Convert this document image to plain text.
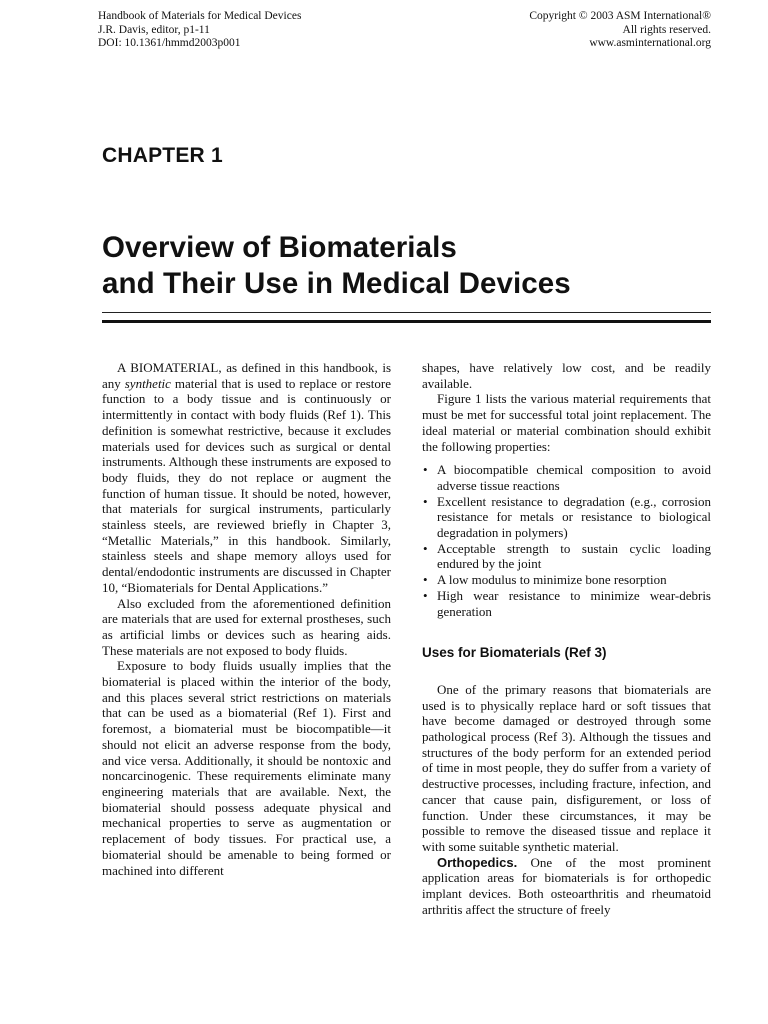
Handbook of Materials for Medical Devices
J.R. Davis, editor, p1-11
DOI: 10.1361/hmmd2003p001
Copyright © 2003 ASM International®
All rights reserved.
www.asminternational.org
CHAPTER 1
Overview of Biomaterials
and Their Use in Medical Devices

A BIOMATERIAL, as defined in this handbook, is any synthetic material that is used to replace or restore function to a body tissue and is continuously or intermittently in contact with body fluids (Ref 1). This definition is somewhat restrictive, because it excludes materials used for devices such as surgical or dental instruments. Although these instruments are exposed to body fluids, they do not replace or augment the function of human tissue. It should be noted, however, that materials for surgical instruments, particularly stainless steels, are reviewed briefly in Chapter 3, “Metallic Materials,” in this handbook. Similarly, stainless steels and shape memory alloys used for dental/endodontic instruments are discussed in Chapter 10, “Biomaterials for Dental Applications.”

Also excluded from the aforementioned definition are materials that are used for external prostheses, such as artificial limbs or devices such as hearing aids. These materials are not exposed to body fluids.

Exposure to body fluids usually implies that the biomaterial is placed within the interior of the body, and this places several strict restrictions on materials that can be used as a biomaterial (Ref 1). First and foremost, a biomaterial must be biocompatible—it should not elicit an adverse response from the body, and vice versa. Additionally, it should be nontoxic and noncarcinogenic. These requirements eliminate many engineering materials that are available. Next, the biomaterial should possess adequate physical and mechanical properties to serve as augmentation or replacement of body tissues. For practical use, a biomaterial should be amenable to being formed or machined into different

shapes, have relatively low cost, and be readily available.

Figure 1 lists the various material requirements that must be met for successful total joint replacement. The ideal material or material combination should exhibit the following properties:

• A biocompatible chemical composition to avoid adverse tissue reactions
• Excellent resistance to degradation (e.g., corrosion resistance for metals or resistance to biological degradation in polymers)
• Acceptable strength to sustain cyclic loading endured by the joint
• A low modulus to minimize bone resorption
• High wear resistance to minimize wear-debris generation
Uses for Biomaterials (Ref 3)

One of the primary reasons that biomaterials are used is to physically replace hard or soft tissues that have become damaged or destroyed through some pathological process (Ref 3). Although the tissues and structures of the body perform for an extended period of time in most people, they do suffer from a variety of destructive processes, including fracture, infection, and cancer that cause pain, disfigurement, or loss of function. Under these circumstances, it may be possible to remove the diseased tissue and replace it with some suitable synthetic material.

Orthopedics. One of the most prominent application areas for biomaterials is for orthopedic implant devices. Both osteoarthritis and rheumatoid arthritis affect the structure of freely
